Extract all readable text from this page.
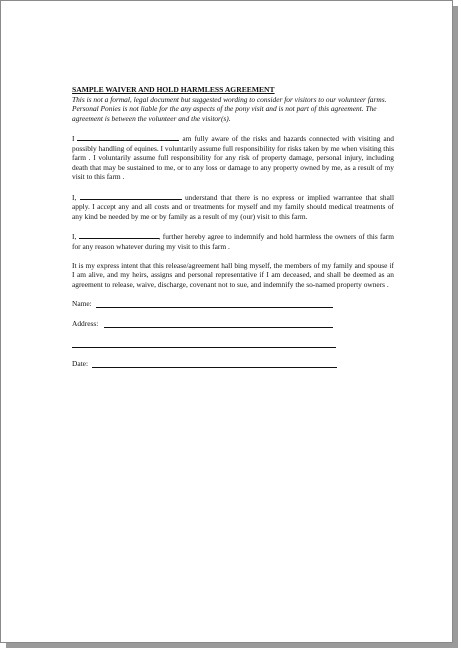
SAMPLE WAIVER AND HOLD HARMLESS AGREEMENT
This is not a formal, legal document but suggested wording to consider for visitors to our volunteer farms. Personal Ponies is not liable for the any aspects of the pony visit and is not part of this agreement. The agreement is between the volunteer and the visitor(s).
I	am fully aware of the risks and hazards connected with visiting and possibly handling of equines. I voluntarily assume full responsibility for risks taken by me when visiting this farm . I voluntarily assume full responsibility for any risk of property damage, personal injury, including death that may be sustained to me, or to any loss or damage to any property owned by me, as a result of my visit to this farm .
I,	understand that there is no express or implied warrantee that shall apply. I accept any and all costs and or treatments for myself and my family should medical treatments of any kind be needed by me or by family as a result of my (our) visit to this farm.
I,	, further hereby agree to indemnify and hold harmless the owners of this farm for any reason whatever during my visit to this farm .
It is my express intent that this release/agreement hall bing myself, the members of my family and spouse if I am alive, and my heirs, assigns and personal representative if I am deceased, and shall be deemed as an agreement to release, waive, discharge, covenant not to sue, and indemnify the so-named property owners .
Name:
Address:
Date:
